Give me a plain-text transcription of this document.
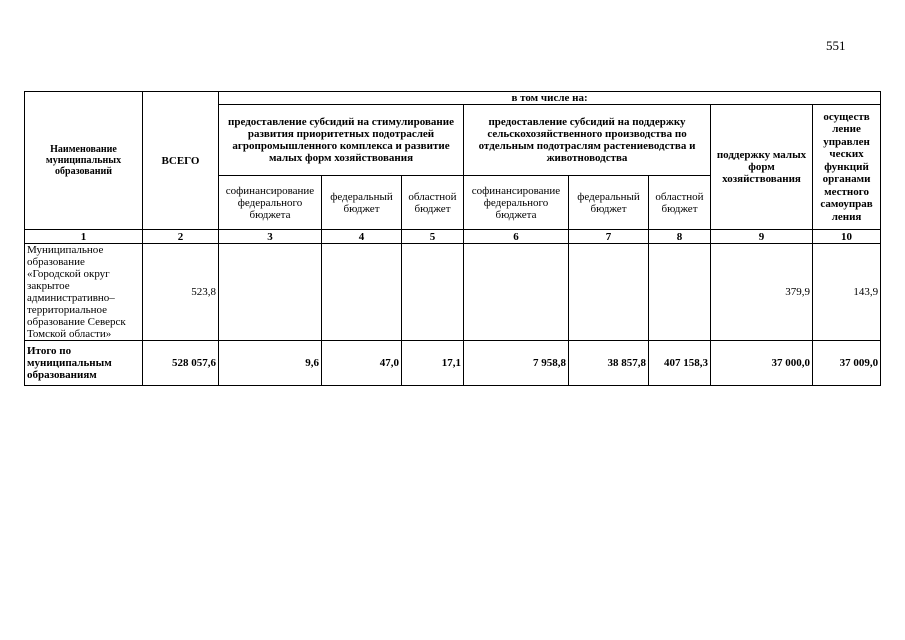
551
Наименование муниципальных образований	ВСЕГО	в том числе на:							
		предоставление субсидий на стимулирование развития приоритетных подотраслей агропромышленного комплекса и развитие малых форм хозяйствования			предоставление субсидий на поддержку сельскохозяйственного производства по отдельным подотраслям растениеводства и животноводства			поддержку малых форм хозяйствования	осуществ ление управлен ческих функций органами местного самоуправ ления
		софинансирование федерального бюджета	федеральный бюджет	областной бюджет	софинансирование федерального бюджета	федеральный бюджет	областной бюджет		
1	2	3	4	5	6	7	8	9	10
Муниципальное образование «Городской округ закрытое административно–территориальное образование Северск Томской области»	523,8							379,9	143,9
Итого по муниципальным образованиям	528 057,6	9,6	47,0	17,1	7 958,8	38 857,8	407 158,3	37 000,0	37 009,0
